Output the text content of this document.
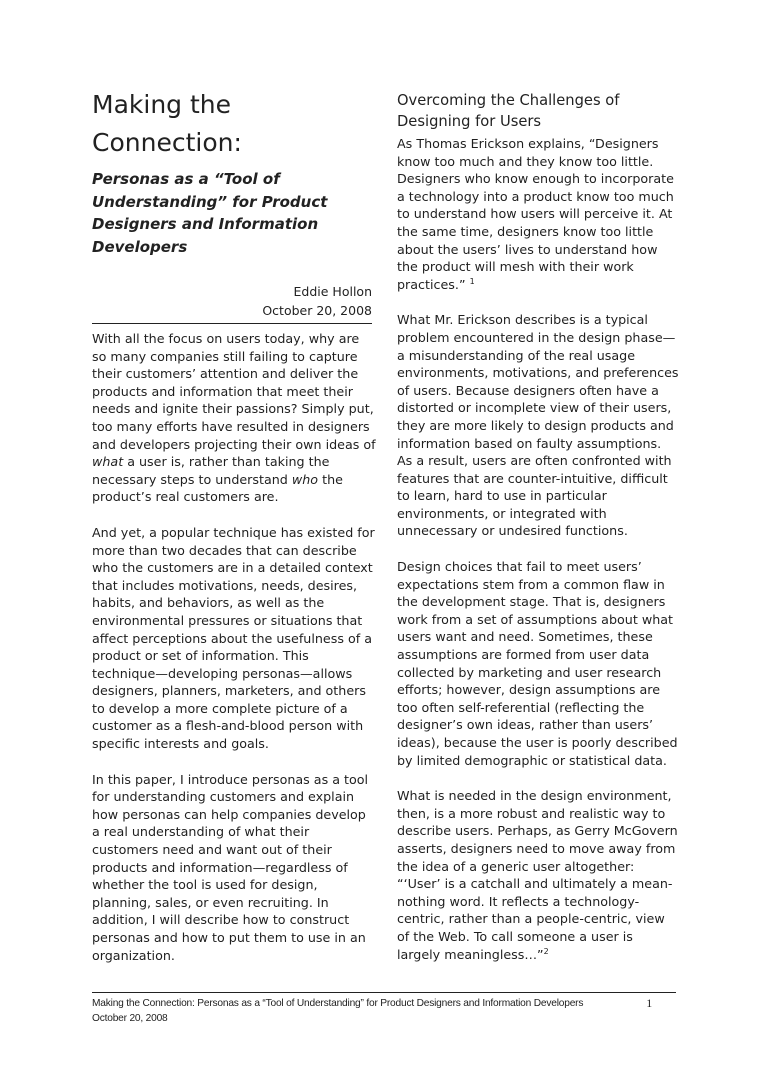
Making the
Connection:
Personas as a “Tool of Understanding” for Product Designers and Information Developers
Eddie Hollon
October 20, 2008

With all the focus on users today, why are so many companies still failing to capture their customers’ attention and deliver the products and information that meet their needs and ignite their passions? Simply put, too many efforts have resulted in designers and developers projecting their own ideas of what a user is, rather than taking the necessary steps to understand who the product’s real customers are.

And yet, a popular technique has existed for more than two decades that can describe who the customers are in a detailed context that includes motivations, needs, desires, habits, and behaviors, as well as the environmental pressures or situations that affect perceptions about the usefulness of a product or set of information. This technique—developing personas—allows designers, planners, marketers, and others to develop a more complete picture of a customer as a flesh-and-blood person with specific interests and goals.

In this paper, I introduce personas as a tool for understanding customers and explain how personas can help companies develop a real understanding of what their customers need and want out of their products and information—regardless of whether the tool is used for design, planning, sales, or even recruiting. In addition, I will describe how to construct personas and how to put them to use in an organization.

Overcoming the Challenges of Designing for Users

As Thomas Erickson explains, “Designers know too much and they know too little. Designers who know enough to incorporate a technology into a product know too much to understand how users will perceive it. At the same time, designers know too little about the users’ lives to understand how the product will mesh with their work practices.” $^1$

What Mr. Erickson describes is a typical problem encountered in the design phase—a misunderstanding of the real usage environments, motivations, and preferences of users. Because designers often have a distorted or incomplete view of their users, they are more likely to design products and information based on faulty assumptions. As a result, users are often confronted with features that are counter-intuitive, difficult to learn, hard to use in particular environments, or integrated with unnecessary or undesired functions.

Design choices that fail to meet users’ expectations stem from a common flaw in the development stage. That is, designers work from a set of assumptions about what users want and need. Sometimes, these assumptions are formed from user data collected by marketing and user research efforts; however, design assumptions are too often self-referential (reflecting the designer’s own ideas, rather than users’ ideas), because the user is poorly described by limited demographic or statistical data.

What is needed in the design environment, then, is a more robust and realistic way to describe users. Perhaps, as Gerry McGovern asserts, designers need to move away from the idea of a generic user altogether: “‘User’ is a catchall and ultimately a mean-nothing word. It reflects a technology-centric, rather than a people-centric, view of the Web. To call someone a user is largely meaningless…”$^2$

Making the Connection: Personas as a “Tool of Understanding” for Product Designers and Information Developers	1
October 20, 2008
